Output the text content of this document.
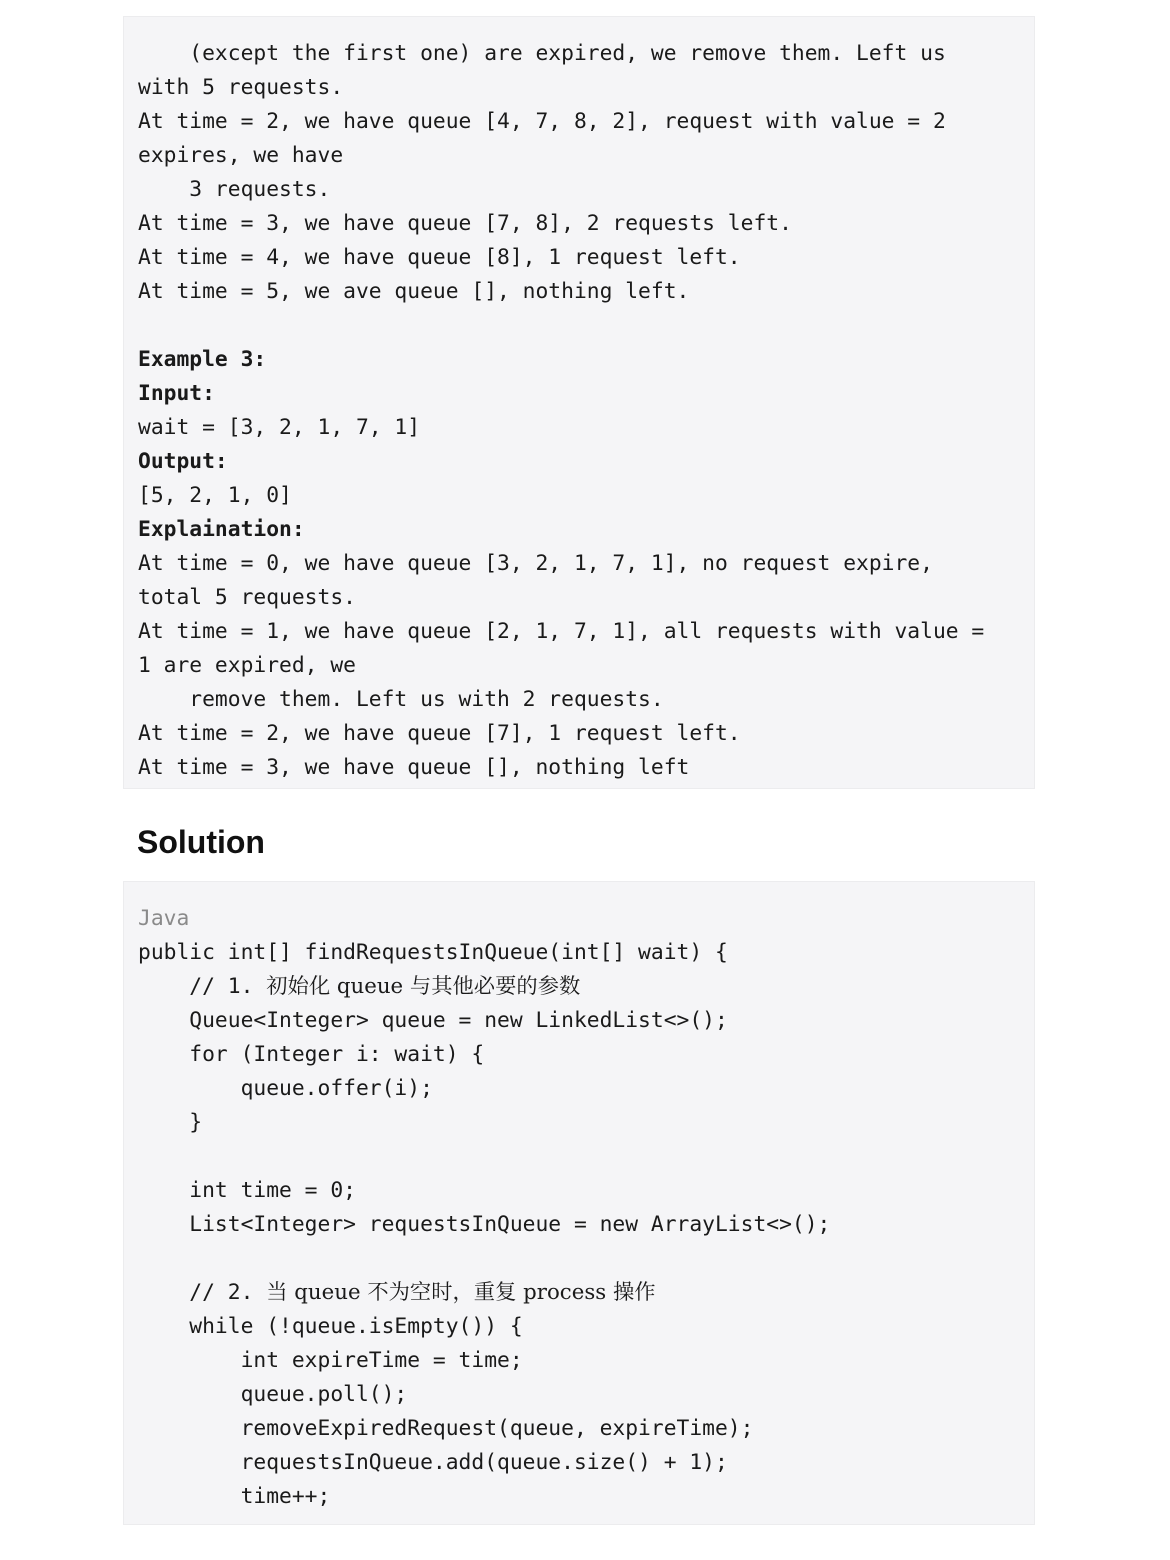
(except the first one) are expired, we remove them. Left us
with 5 requests.
At time = 2, we have queue [4, 7, 8, 2], request with value = 2
expires, we have
3 requests.
At time = 3, we have queue [7, 8], 2 requests left.
At time = 4, we have queue [8], 1 request left.
At time = 5, we ave queue [], nothing left.
Example 3:
Input:
wait = [3, 2, 1, 7, 1]
Output:
[5, 2, 1, 0]
Explaination:
At time = 0, we have queue [3, 2, 1, 7, 1], no request expire,
total 5 requests.
At time = 1, we have queue [2, 1, 7, 1], all requests with value =
1 are expired, we
remove them. Left us with 2 requests.
At time = 2, we have queue [7], 1 request left.
At time = 3, we have queue [], nothing left
Solution
Java
public int[] findRequestsInQueue(int[] wait) {
// 1. 初始化 queue 与其他必要的参数
Queue<Integer> queue = new LinkedList<>();
for (Integer i: wait) {
queue.offer(i);
}
int time = 0;
List<Integer> requestsInQueue = new ArrayList<>();
// 2. 当 queue 不为空时，重复 process 操作
while (!queue.isEmpty()) {
int expireTime = time;
queue.poll();
removeExpiredRequest(queue, expireTime);
requestsInQueue.add(queue.size() + 1);
time++;
